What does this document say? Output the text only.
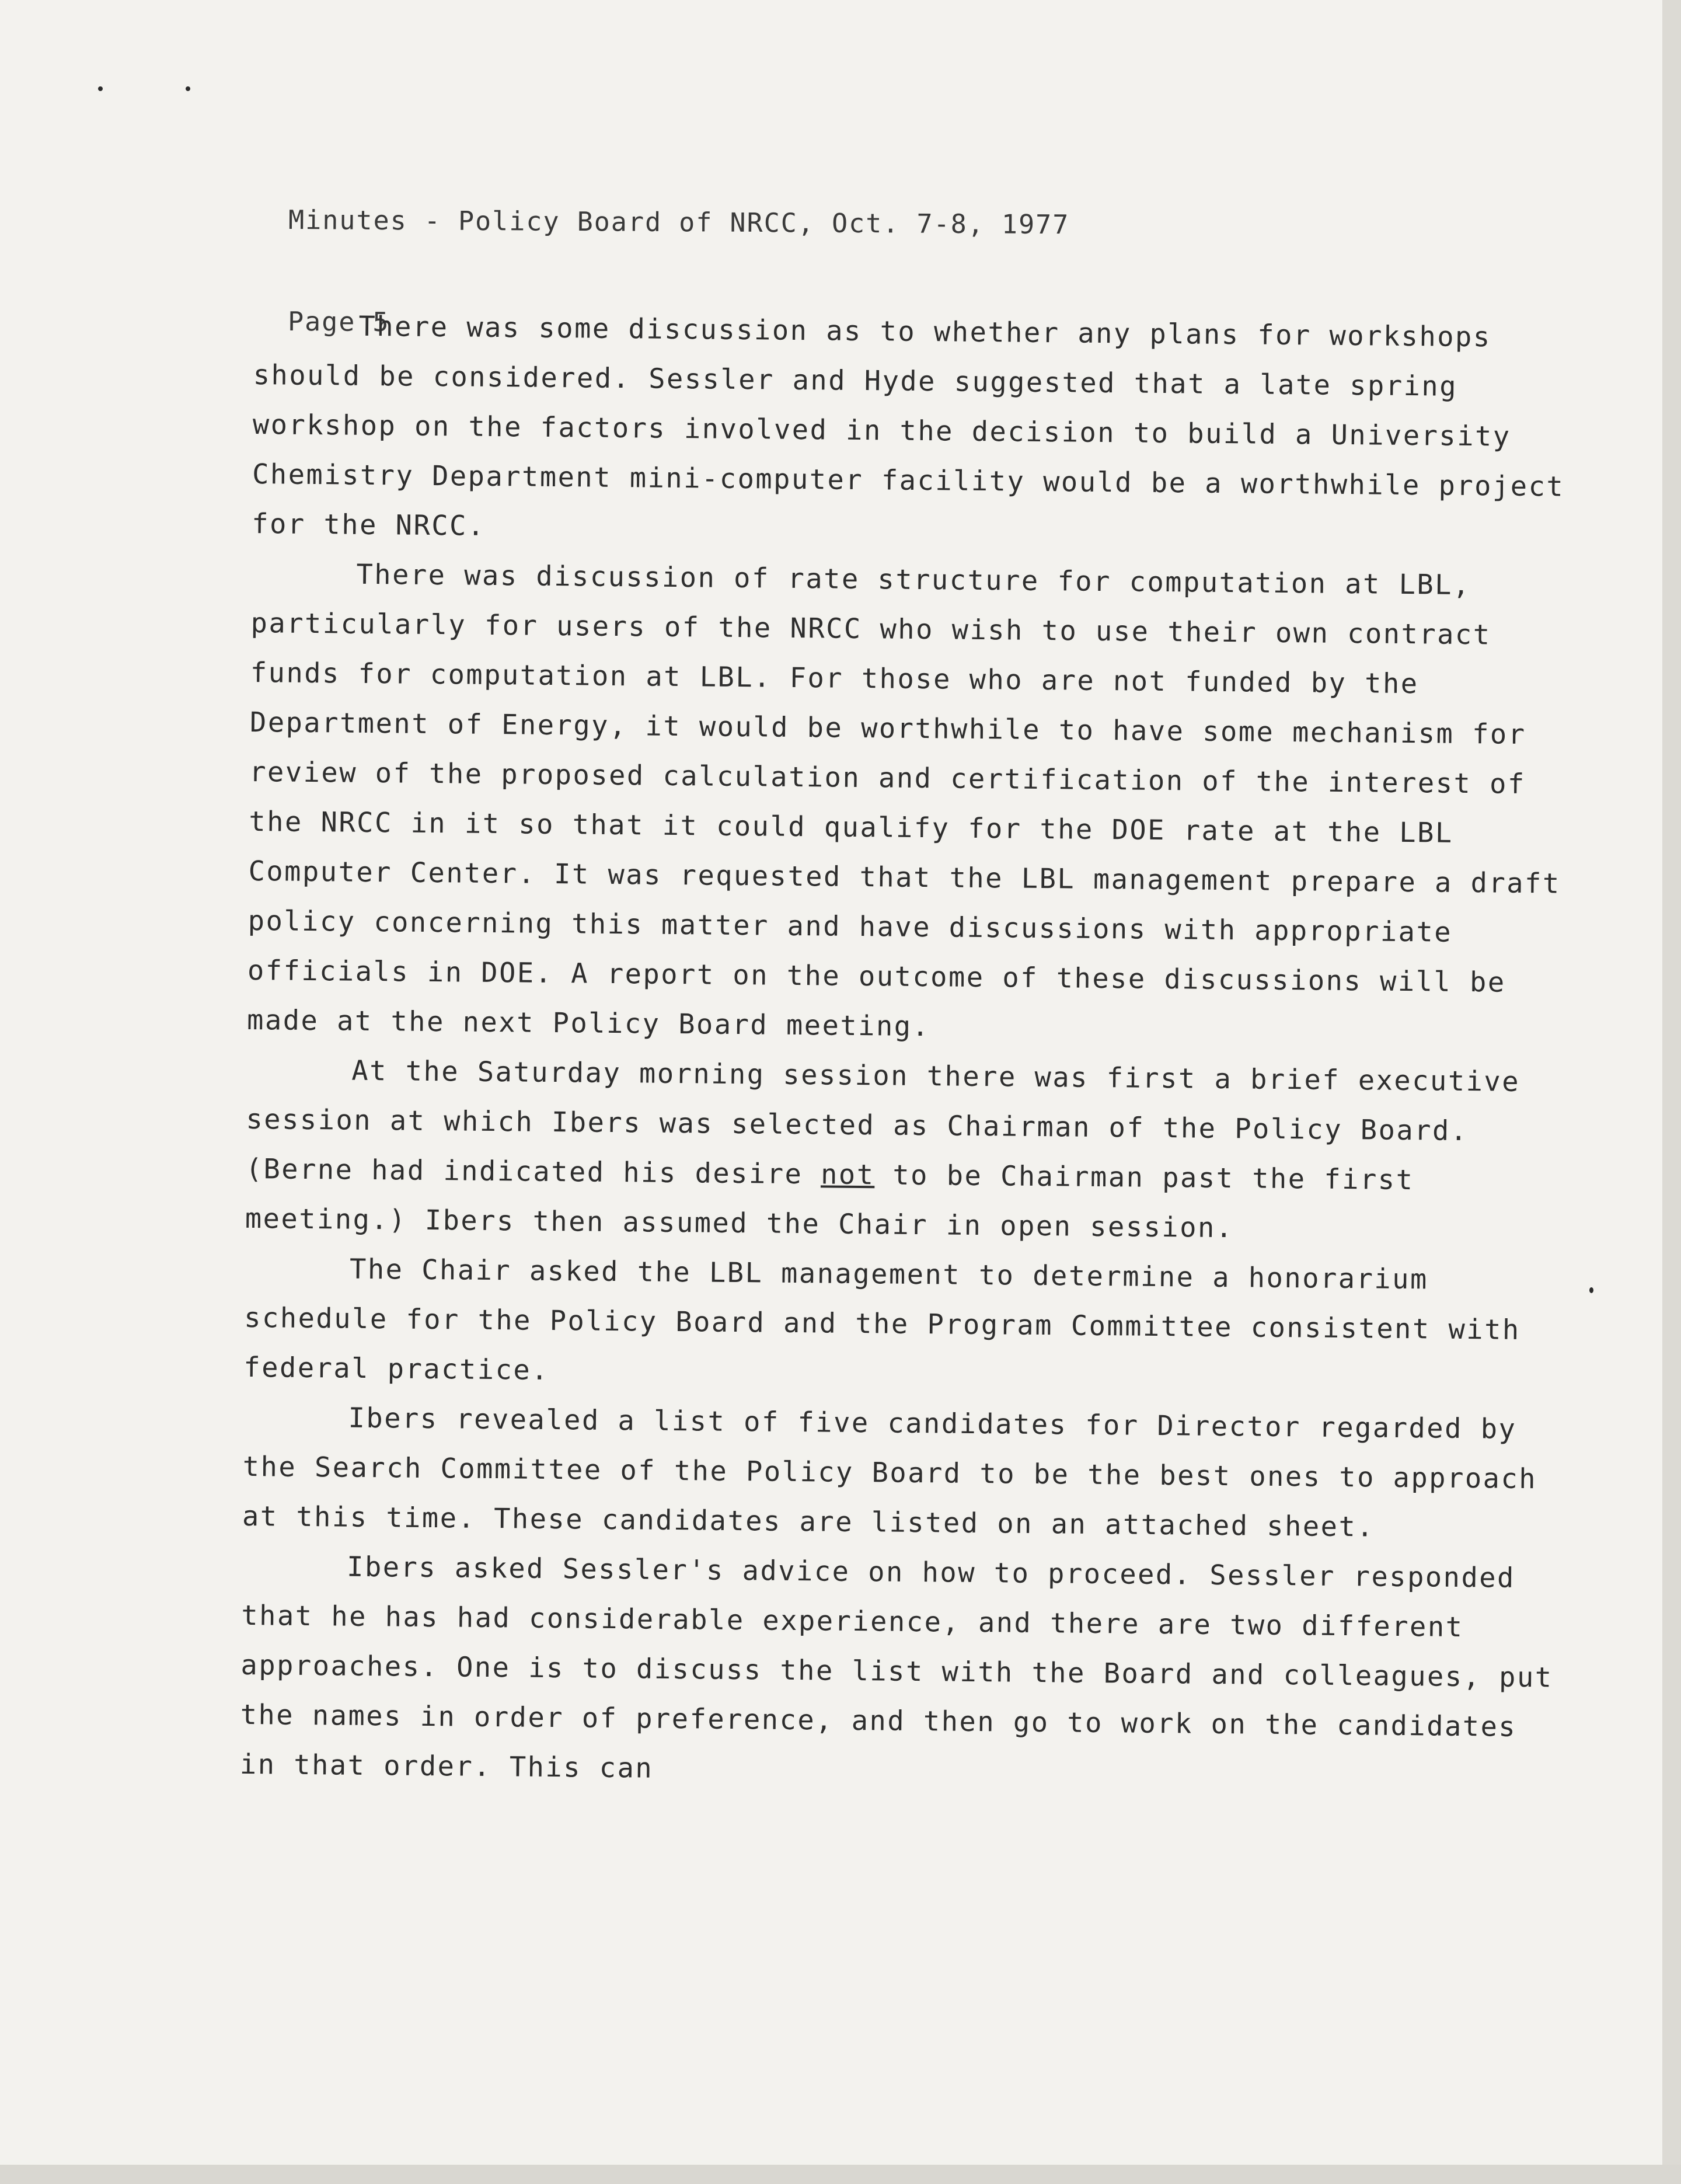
Minutes - Policy Board of NRCC, Oct. 7-8, 1977

Page 5

There was some discussion as to whether any plans for workshops should be considered. Sessler and Hyde suggested that a late spring workshop on the factors involved in the decision to build a University Chemistry Department mini-computer facility would be a worthwhile project for the NRCC.

There was discussion of rate structure for computation at LBL, particularly for users of the NRCC who wish to use their own contract funds for computation at LBL. For those who are not funded by the Department of Energy, it would be worthwhile to have some mechanism for review of the proposed calculation and certification of the interest of the NRCC in it so that it could qualify for the DOE rate at the LBL Computer Center. It was requested that the LBL management prepare a draft policy concerning this matter and have discussions with appropriate officials in DOE. A report on the outcome of these discussions will be made at the next Policy Board meeting.

At the Saturday morning session there was first a brief executive session at which Ibers was selected as Chairman of the Policy Board. (Berne had indicated his desire not to be Chairman past the first meeting.) Ibers then assumed the Chair in open session.

The Chair asked the LBL management to determine a honorarium schedule for the Policy Board and the Program Committee consistent with federal practice.

Ibers revealed a list of five candidates for Director regarded by the Search Committee of the Policy Board to be the best ones to approach at this time. These candidates are listed on an attached sheet.

Ibers asked Sessler's advice on how to proceed. Sessler responded that he has had considerable experience, and there are two different approaches. One is to discuss the list with the Board and colleagues, put the names in order of preference, and then go to work on the candidates in that order. This can
